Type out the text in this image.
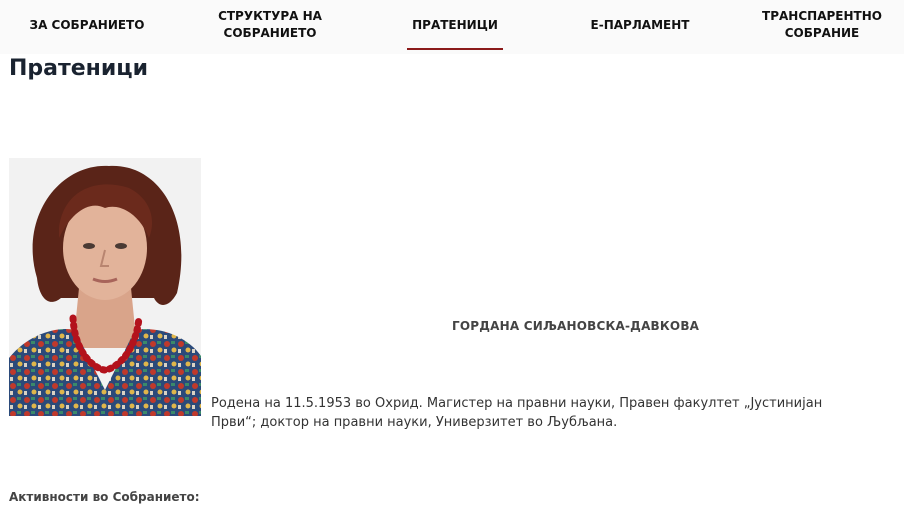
ЗА СОБРАНИЕТО
СТРУКТУРА НА
СОБРАНИЕТО
ПРАТЕНИЦИ	Е-ПАРЛАМЕНТ
ТРАНСПАРЕНТНО
СОБРАНИЕ
Пратеници
ГОРДАНА СИЉАНОВСКА-ДАВКОВА

Родена на 11.5.1953 во Охрид. Магистер на правни науки, Правен факултет „Јустинијан Први“; доктор на правни науки, Универзитет во Љубљана.

Активности во Собранието:
